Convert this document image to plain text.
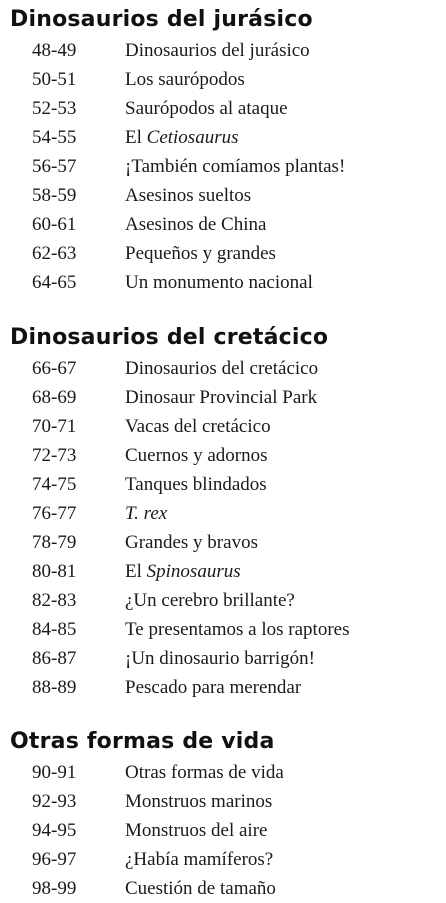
Dinosaurios del jurásico
48-49	Dinosaurios del jurásico
50-51	Los saurópodos
52-53	Saurópodos al ataque
54-55	El Cetiosaurus
56-57	¡También comíamos plantas!
58-59	Asesinos sueltos
60-61	Asesinos de China
62-63	Pequeños y grandes
64-65	Un monumento nacional
Dinosaurios del cretácico
66-67	Dinosaurios del cretácico
68-69	Dinosaur Provincial Park
70-71	Vacas del cretácico
72-73	Cuernos y adornos
74-75	Tanques blindados
76-77	T. rex
78-79	Grandes y bravos
80-81	El Spinosaurus
82-83	¿Un cerebro brillante?
84-85	Te presentamos a los raptores
86-87	¡Un dinosaurio barrigón!
88-89	Pescado para merendar
Otras formas de vida
90-91	Otras formas de vida
92-93	Monstruos marinos
94-95	Monstruos del aire
96-97	¿Había mamíferos?
98-99	Cuestión de tamaño
